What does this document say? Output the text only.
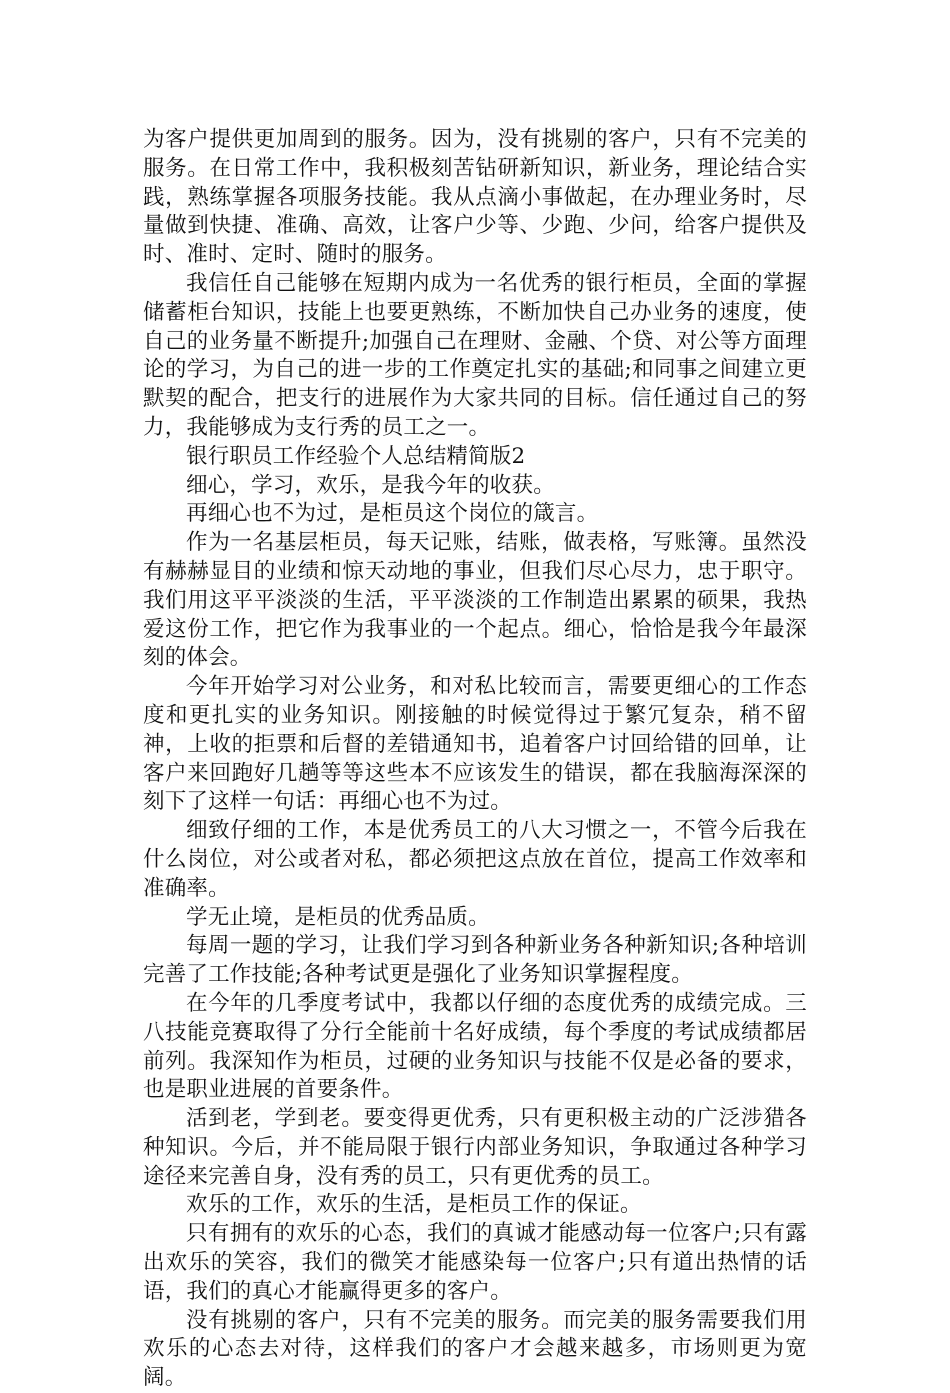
为客户提供更加周到的服务。因为，没有挑剔的客户，只有不完美的服务。在日常工作中，我积极刻苦钻研新知识，新业务，理论结合实践，熟练掌握各项服务技能。我从点滴小事做起，在办理业务时，尽量做到快捷、准确、高效，让客户少等、少跑、少问，给客户提供及时、准时、定时、随时的服务。

我信任自己能够在短期内成为一名优秀的银行柜员，全面的掌握储蓄柜台知识，技能上也要更熟练，不断加快自己办业务的速度，使自己的业务量不断提升;加强自己在理财、金融、个贷、对公等方面理论的学习，为自己的进一步的工作奠定扎实的基础;和同事之间建立更默契的配合，把支行的进展作为大家共同的目标。信任通过自己的努力，我能够成为支行秀的员工之一。

银行职员工作经验个人总结精简版2

细心，学习，欢乐，是我今年的收获。

再细心也不为过，是柜员这个岗位的箴言。

作为一名基层柜员，每天记账，结账，做表格，写账簿。虽然没有赫赫显目的业绩和惊天动地的事业，但我们尽心尽力，忠于职守。我们用这平平淡淡的生活，平平淡淡的工作制造出累累的硕果，我热爱这份工作，把它作为我事业的一个起点。细心，恰恰是我今年最深刻的体会。

今年开始学习对公业务，和对私比较而言，需要更细心的工作态度和更扎实的业务知识。刚接触的时候觉得过于繁冗复杂，稍不留神，上收的拒票和后督的差错通知书，追着客户讨回给错的回单，让客户来回跑好几趟等等这些本不应该发生的错误，都在我脑海深深的刻下了这样一句话：再细心也不为过。

细致仔细的工作，本是优秀员工的八大习惯之一，不管今后我在什么岗位，对公或者对私，都必须把这点放在首位，提高工作效率和准确率。

学无止境，是柜员的优秀品质。

每周一题的学习，让我们学习到各种新业务各种新知识;各种培训完善了工作技能;各种考试更是强化了业务知识掌握程度。

在今年的几季度考试中，我都以仔细的态度优秀的成绩完成。三八技能竞赛取得了分行全能前十名好成绩，每个季度的考试成绩都居前列。我深知作为柜员，过硬的业务知识与技能不仅是必备的要求，也是职业进展的首要条件。

活到老，学到老。要变得更优秀，只有更积极主动的广泛涉猎各种知识。今后，并不能局限于银行内部业务知识，争取通过各种学习途径来完善自身，没有秀的员工，只有更优秀的员工。

欢乐的工作，欢乐的生活，是柜员工作的保证。

只有拥有的欢乐的心态，我们的真诚才能感动每一位客户;只有露出欢乐的笑容，我们的微笑才能感染每一位客户;只有道出热情的话语，我们的真心才能赢得更多的客户。

没有挑剔的客户，只有不完美的服务。而完美的服务需要我们用欢乐的心态去对待，这样我们的客户才会越来越多，市场则更为宽阔。
